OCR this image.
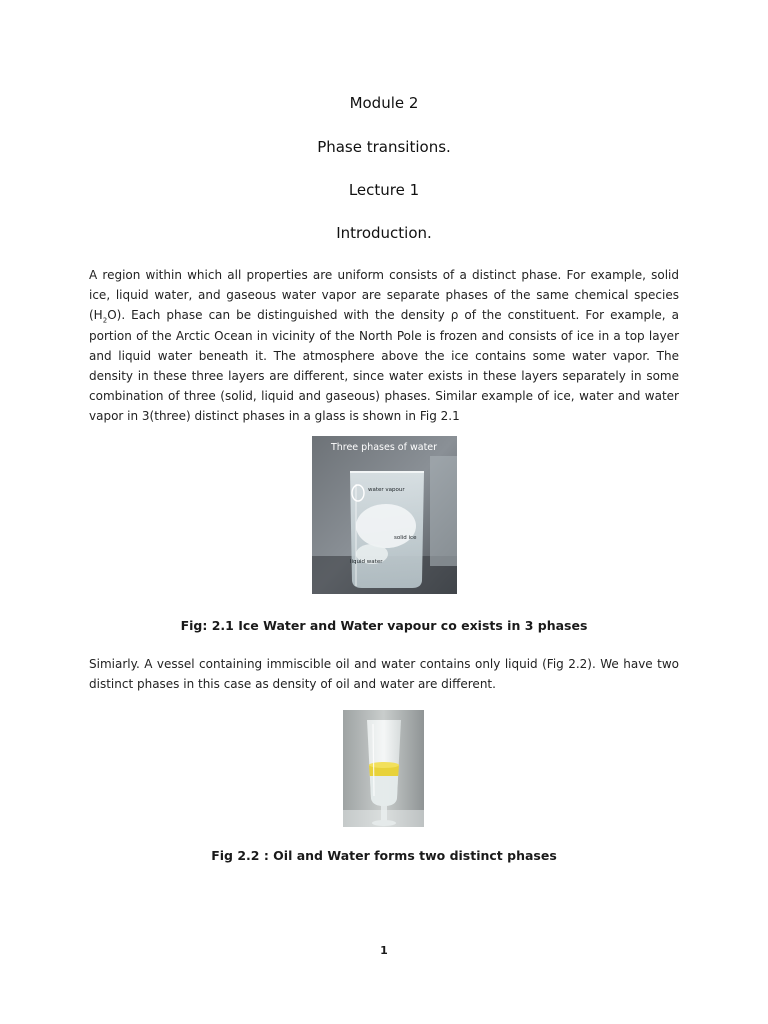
Module 2
Phase transitions.
Lecture 1
Introduction.
A region within which all properties are uniform consists of a distinct phase. For example, solid ice, liquid water, and gaseous water vapor are separate phases of the same chemical species $(H_2O)$. Each phase can be distinguished with the density ρ of the constituent. For example, a portion of the Arctic Ocean in vicinity of the North Pole is frozen and consists of ice in a top layer and liquid water beneath it. The atmosphere above the ice contains some water vapor. The density in these three layers are different, since water exists in these layers separately in some combination of three (solid, liquid and gaseous) phases. Similar example of ice, water and water vapor in 3(three) distinct phases in a glass is shown in Fig 2.1
Three phases of water
water vapour
solid ice
liquid water
Fig: 2.1 Ice Water and Water vapour co exists in 3 phases
Simiarly. A vessel containing immiscible oil and water contains only liquid (Fig 2.2). We have two distinct phases in this case as density of oil and water are different.
Fig 2.2 : Oil and Water forms two distinct phases
1
